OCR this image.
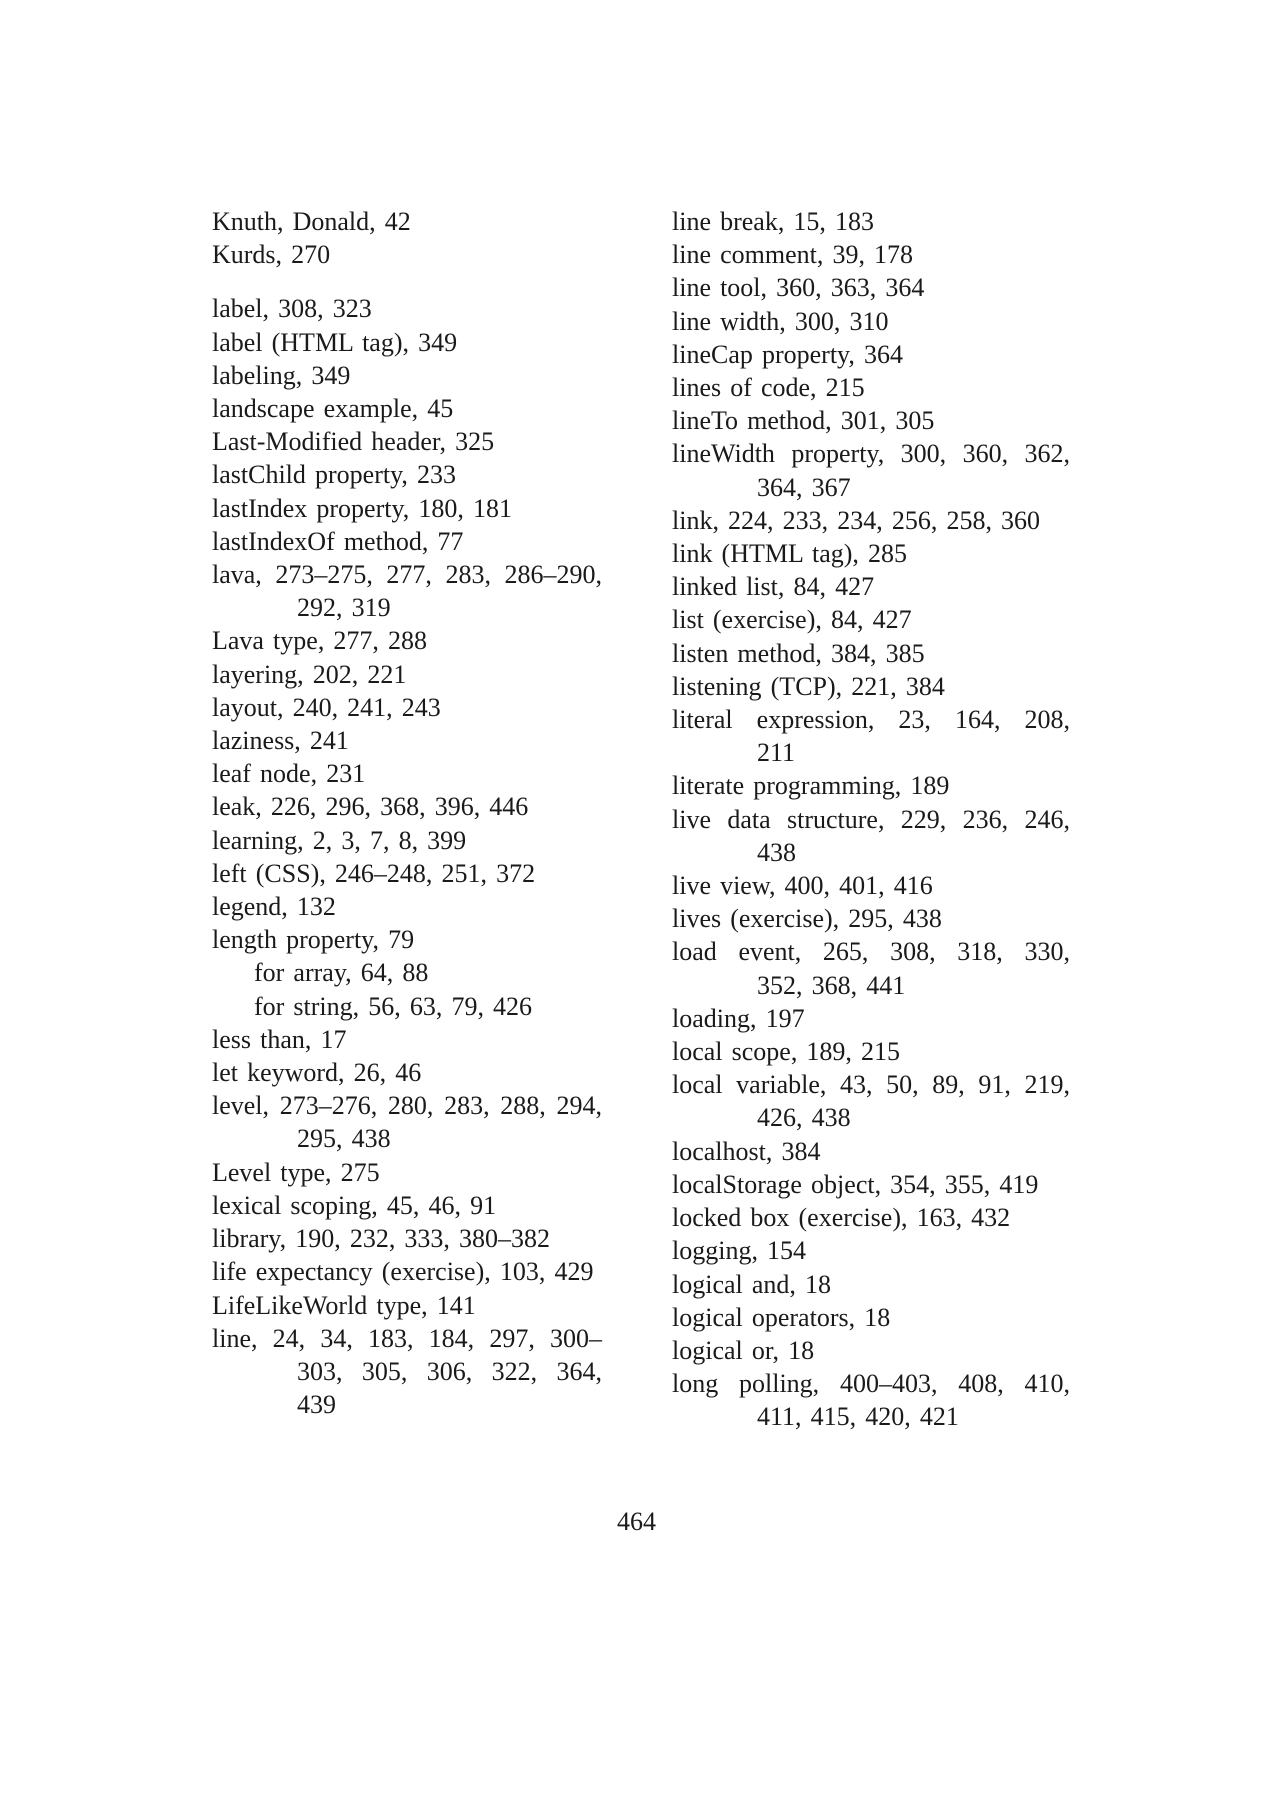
Knuth, Donald, 42
Kurds, 270
label, 308, 323
label (HTML tag), 349
labeling, 349
landscape example, 45
Last-Modified header, 325
lastChild property, 233
lastIndex property, 180, 181
lastIndexOf method, 77
lava, 273–275, 277, 283, 286–290,
292, 319
Lava type, 277, 288
layering, 202, 221
layout, 240, 241, 243
laziness, 241
leaf node, 231
leak, 226, 296, 368, 396, 446
learning, 2, 3, 7, 8, 399
left (CSS), 246–248, 251, 372
legend, 132
length property, 79
for array, 64, 88
for string, 56, 63, 79, 426
less than, 17
let keyword, 26, 46
level, 273–276, 280, 283, 288, 294,
295, 438
Level type, 275
lexical scoping, 45, 46, 91
library, 190, 232, 333, 380–382
life expectancy (exercise), 103, 429
LifeLikeWorld type, 141
line, 24, 34, 183, 184, 297, 300–
303, 305, 306, 322, 364,
439
line break, 15, 183
line comment, 39, 178
line tool, 360, 363, 364
line width, 300, 310
lineCap property, 364
lines of code, 215
lineTo method, 301, 305
lineWidth property, 300, 360, 362,
364, 367
link, 224, 233, 234, 256, 258, 360
link (HTML tag), 285
linked list, 84, 427
list (exercise), 84, 427
listen method, 384, 385
listening (TCP), 221, 384
literal expression, 23, 164, 208,
211
literate programming, 189
live data structure, 229, 236, 246,
438
live view, 400, 401, 416
lives (exercise), 295, 438
load event, 265, 308, 318, 330,
352, 368, 441
loading, 197
local scope, 189, 215
local variable, 43, 50, 89, 91, 219,
426, 438
localhost, 384
localStorage object, 354, 355, 419
locked box (exercise), 163, 432
logging, 154
logical and, 18
logical operators, 18
logical or, 18
long polling, 400–403, 408, 410,
411, 415, 420, 421
464
